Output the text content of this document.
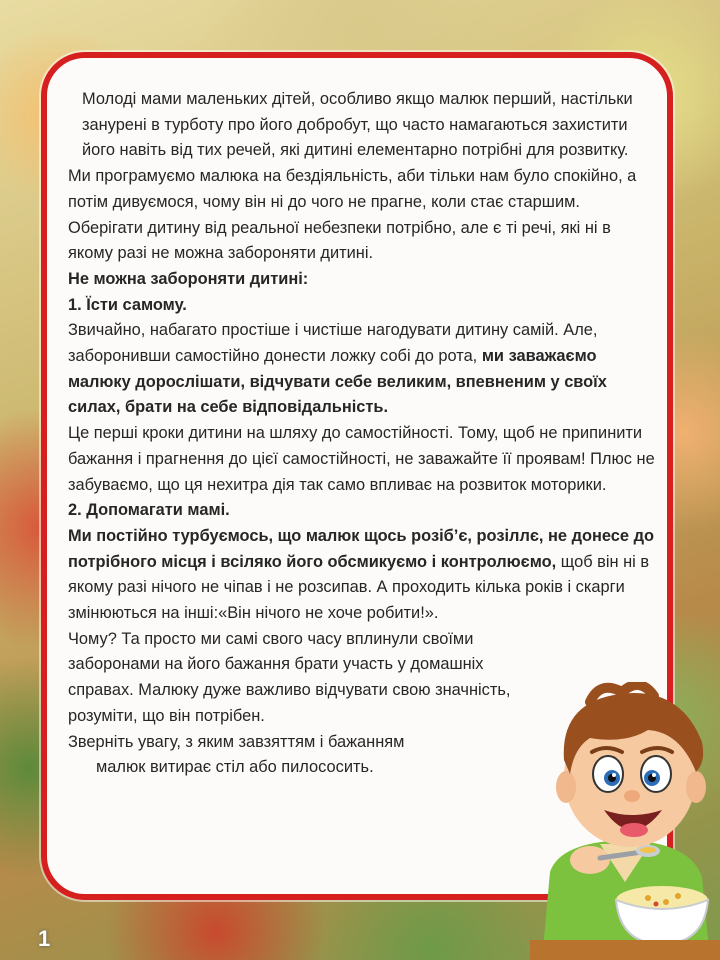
Молоді мами маленьких дітей, особливо якщо малюк перший, настільки занурені в турботу про його добробут, що часто намагаються захистити його навіть від тих речей, які дитині елементарно потрібні для розвитку.

Ми програмуємо малюка на бездіяльність, аби тільки нам було спокійно, а потім дивуємося, чому він ні до чого не прагне, коли стає старшим. Оберігати дитину від реальної небезпеки потрібно, але є ті речі, які ні в якому разі не можна забороняти дитині.

Не можна забороняти дитині:

1. Їсти самому.

Звичайно, набагато простіше і чистіше нагодувати дитину самій. Але, заборонивши самостійно донести ложку собі до рота, ми заважаємо малюку дорослішати, відчувати себе великим, впевненим у своїх силах, брати на себе відповідальність.

Це перші кроки дитини на шляху до самостійності. Тому, щоб не припинити бажання і прагнення до цієї самостійності, не заважайте її проявам! Плюс не забуваємо, що ця нехитра дія так само впливає на розвиток моторики.

2. Допомагати мамі.

Ми постійно турбуємось, що малюк щось розіб’є, розіллє, не донесе до потрібного місця і всіляко його обсмикуємо і контролюємо, щоб він ні в якому разі нічого не чіпав і не розсипав. А проходить кілька років і скарги змінюються на інші:«Він нічого не хоче робити!».

Чому? Та просто ми самі свого часу вплинули своїми заборонами на його бажання брати участь у домашніх справах. Малюку дуже важливо відчувати свою значність, розуміти, що він потрібен.

Зверніть увагу, з яким завзяттям і бажанням
малюк витирає стіл або пилососить.

1
